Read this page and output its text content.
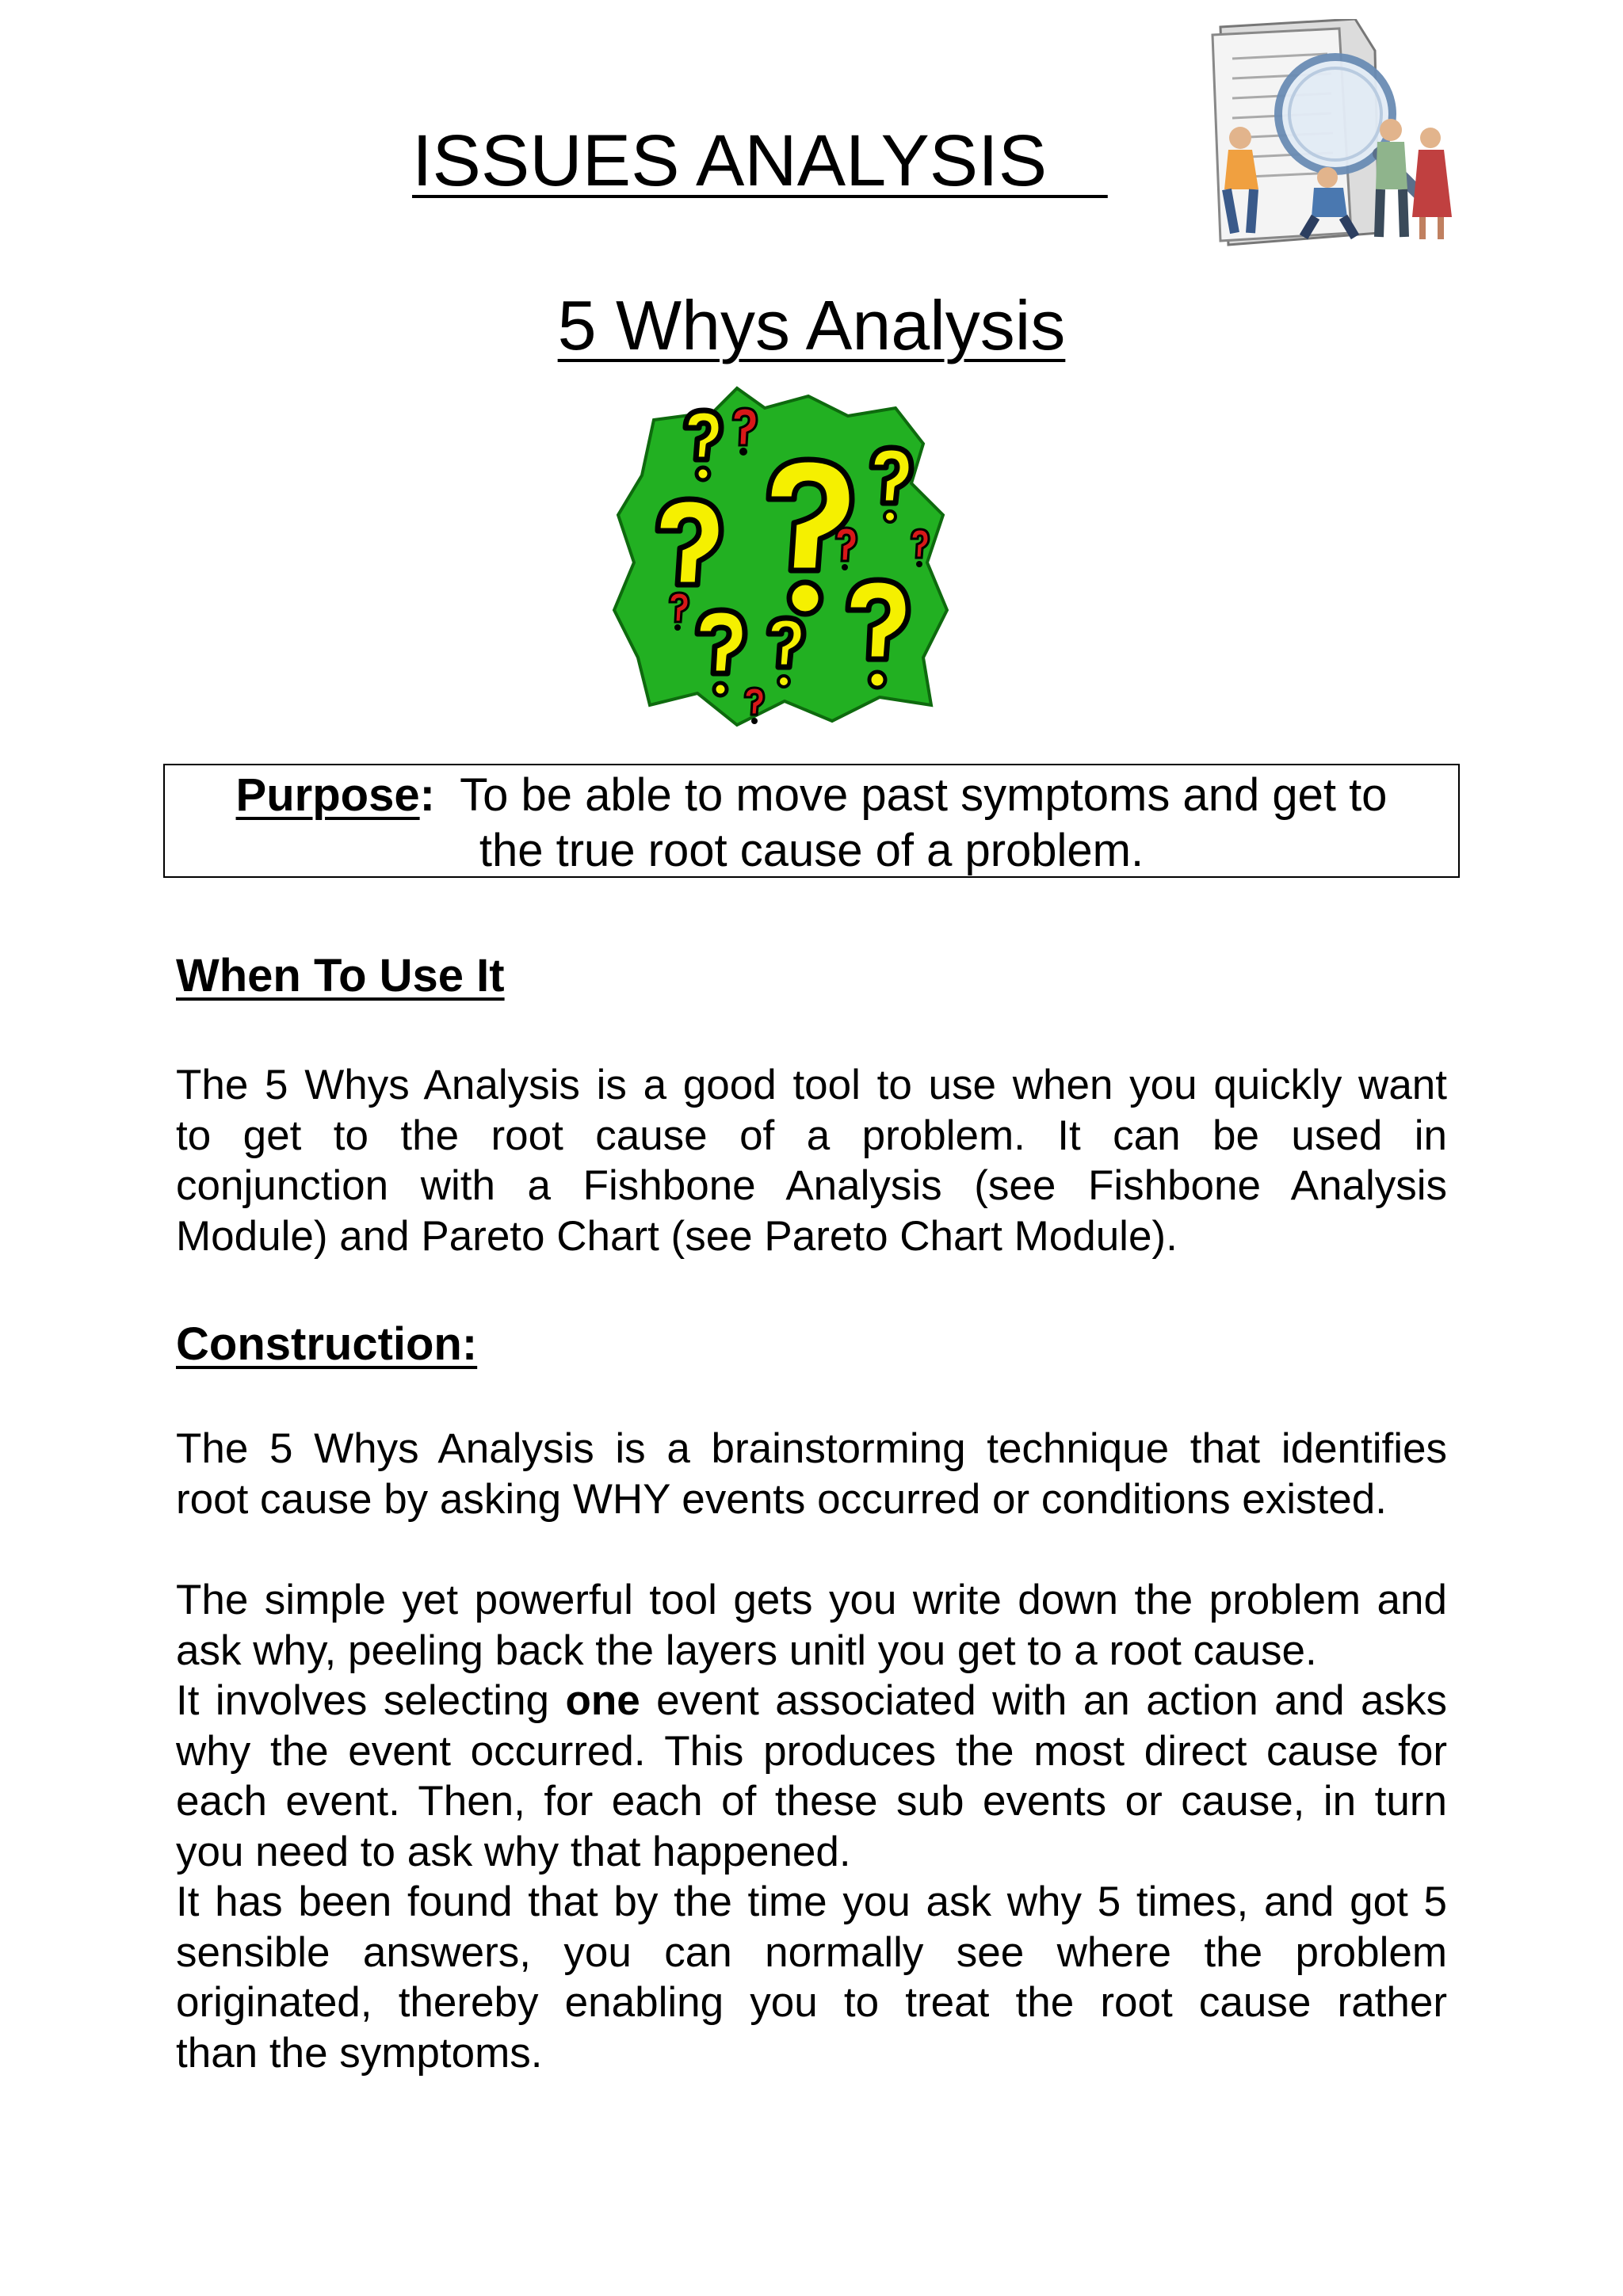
ISSUES ANALYSIS
5 Whys Analysis
Purpose: To be able to move past symptoms and get to
the true root cause of a problem.
When To Use It
The 5 Whys Analysis is a good tool to use when you quickly want
to get to the root cause of a problem. It can be used in
conjunction with a Fishbone Analysis (see Fishbone Analysis
Module) and Pareto Chart (see Pareto Chart Module).
Construction:
The 5 Whys Analysis is a brainstorming technique that identifies
root cause by asking WHY events occurred or conditions existed.
The simple yet powerful tool gets you write down the problem and
ask why, peeling back the layers unitl you get to a root cause.
It involves selecting one event associated with an action and asks
why the event occurred. This produces the most direct cause for
each event. Then, for each of these sub events or cause, in turn
you need to ask why that happened.
It has been found that by the time you ask why 5 times, and got 5
sensible answers, you can normally see where the problem
originated, thereby enabling you to treat the root cause rather
than the symptoms.
